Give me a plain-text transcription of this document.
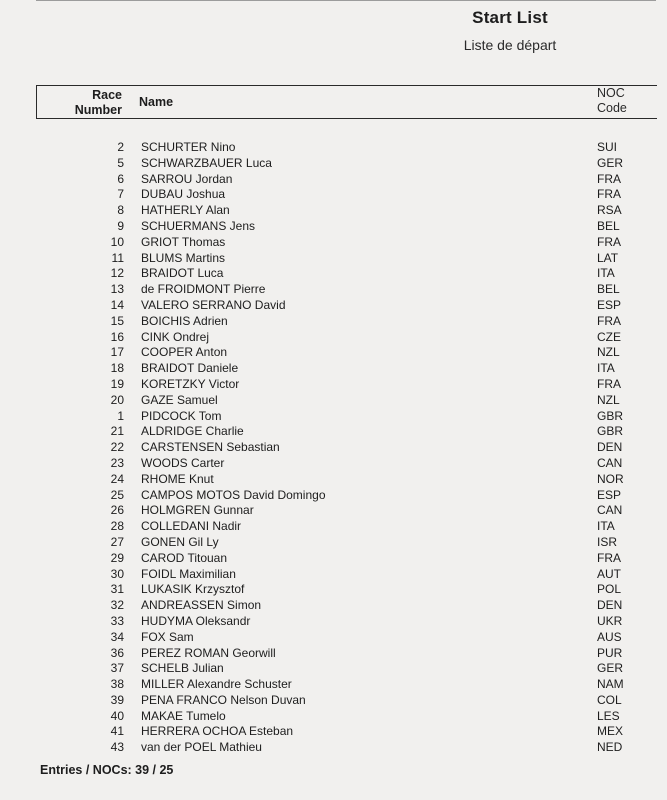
Start List
Liste de départ
Race
Number
Name
NOC
Code
2 SCHURTER Nino	SUI
5 SCHWARZBAUER Luca	GER
6 SARROU Jordan	FRA
7 DUBAU Joshua	FRA
8 HATHERLY Alan	RSA
9 SCHUERMANS Jens	BEL
10 GRIOT Thomas	FRA
11 BLUMS Martins	LAT
12 BRAIDOT Luca	ITA
13 de FROIDMONT Pierre	BEL
14 VALERO SERRANO David	ESP
15 BOICHIS Adrien	FRA
16 CINK Ondrej	CZE
17 COOPER Anton	NZL
18 BRAIDOT Daniele	ITA
19 KORETZKY Victor	FRA
20 GAZE Samuel	NZL
1 PIDCOCK Tom	GBR
21 ALDRIDGE Charlie	GBR
22 CARSTENSEN Sebastian	DEN
23 WOODS Carter	CAN
24 RHOME Knut	NOR
25 CAMPOS MOTOS David Domingo	ESP
26 HOLMGREN Gunnar	CAN
28 COLLEDANI Nadir	ITA
27 GONEN Gil Ly	ISR
29 CAROD Titouan	FRA
30 FOIDL Maximilian	AUT
31 LUKASIK Krzysztof	POL
32 ANDREASSEN Simon	DEN
33 HUDYMA Oleksandr	UKR
34 FOX Sam	AUS
36 PEREZ ROMAN Georwill	PUR
37 SCHELB Julian	GER
38 MILLER Alexandre Schuster	NAM
39 PENA FRANCO Nelson Duvan	COL
40 MAKAE Tumelo	LES
41 HERRERA OCHOA Esteban	MEX
43 van der POEL Mathieu	NED
Entries / NOCs: 39 / 25
